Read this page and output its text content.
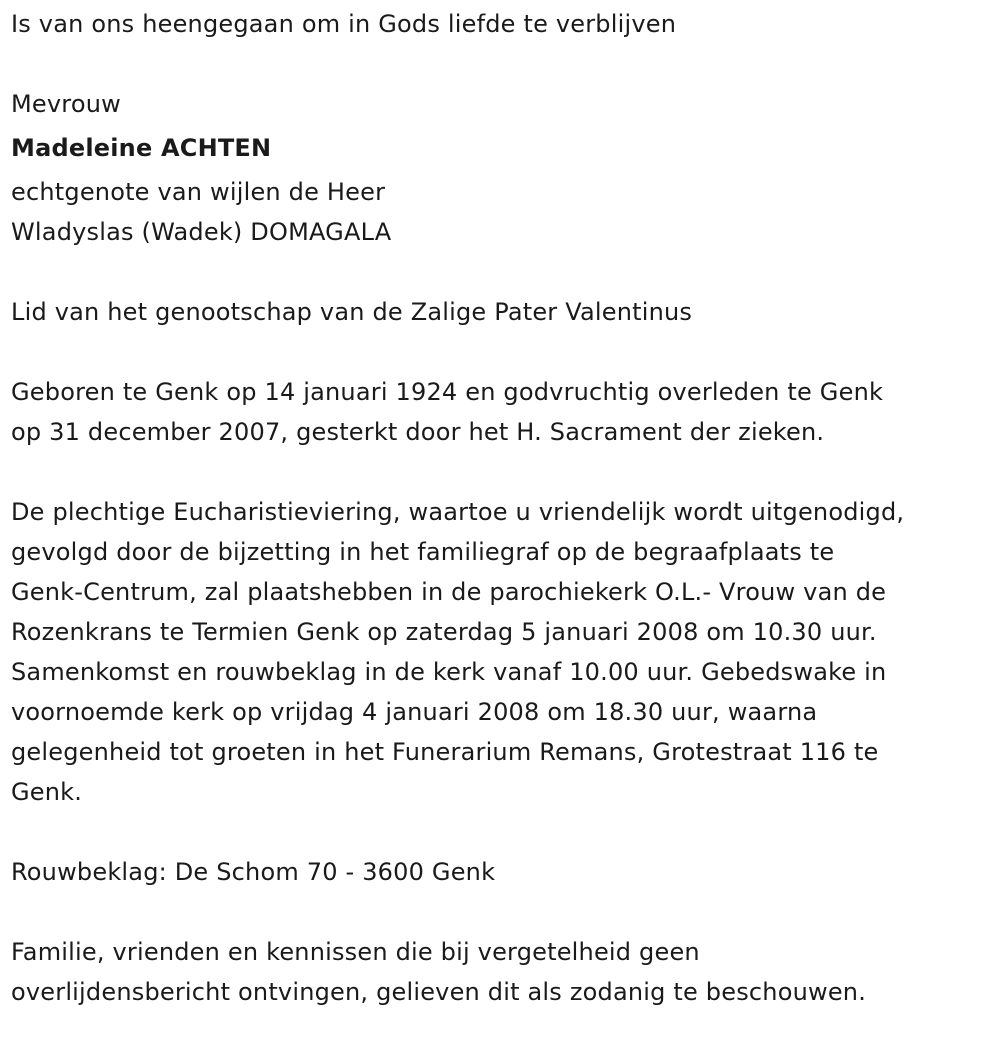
Is van ons heengegaan om in Gods liefde te verblijven
Mevrouw
Madeleine ACHTEN
echtgenote van wijlen de Heer
Wladyslas (Wadek) DOMAGALA
Lid van het genootschap van de Zalige Pater Valentinus
Geboren te Genk op 14 januari 1924 en godvruchtig overleden te Genk
op 31 december 2007, gesterkt door het H. Sacrament der zieken.
De plechtige Eucharistieviering, waartoe u vriendelijk wordt uitgenodigd,
gevolgd door de bijzetting in het familiegraf op de begraafplaats te
Genk-Centrum, zal plaatshebben in de parochiekerk O.L.- Vrouw van de
Rozenkrans te Termien Genk op zaterdag 5 januari 2008 om 10.30 uur.
Samenkomst en rouwbeklag in de kerk vanaf 10.00 uur. Gebedswake in
voornoemde kerk op vrijdag 4 januari 2008 om 18.30 uur, waarna
gelegenheid tot groeten in het Funerarium Remans, Grotestraat 116 te
Genk.
Rouwbeklag: De Schom 70 - 3600 Genk
Familie, vrienden en kennissen die bij vergetelheid geen
overlijdensbericht ontvingen, gelieven dit als zodanig te beschouwen.
